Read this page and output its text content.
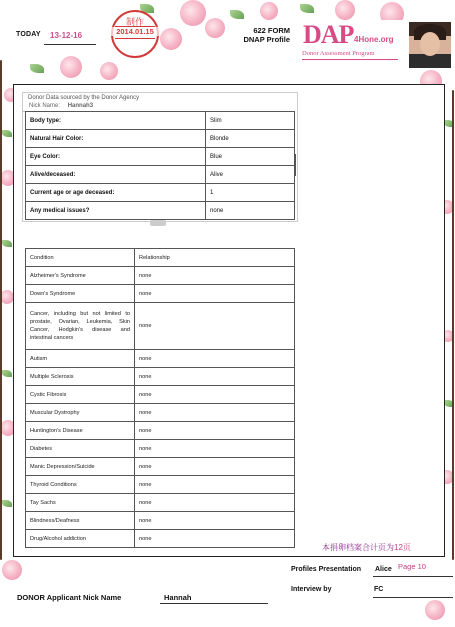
TODAY 13-12-16
制作
2014.01.15	622 FORM
DNAP Profile DAP 4Hone.org
Donor Assessment Program
Donor Data sourced by the Donor Agency
Nick Name: Hannah3
Body type:	Slim
Natural Hair Color:	Blonde
Eye Color:	Blue
Alive/deceased:	Alive
Current age or age deceased:	1
Any medical issues?	none
Condition	Relationship
Alzheimer's Syndrome	none
Down's Syndrome	none
Cancer, including but not limited to prostate, Ovarian, Leukemia, Skin Cancer, Hodgkin's disease and intestinal cancers	none
Autism	none
Multiple Sclerosis	none
Cystic Fibrosis	none
Muscular Dystrophy	none
Huntington's Disease	none
Diabetes	none
Manic Depression/Suicide	none
Thyroid Conditions	none
Tay Sachs	none
Blindness/Deafness	none
Drug/Alcohol addiction	none
本捐卵档案合计页为12页
Profiles Presentation Alice Page 10
Interview by	FC
DONOR Applicant Nick Name	Hannah
